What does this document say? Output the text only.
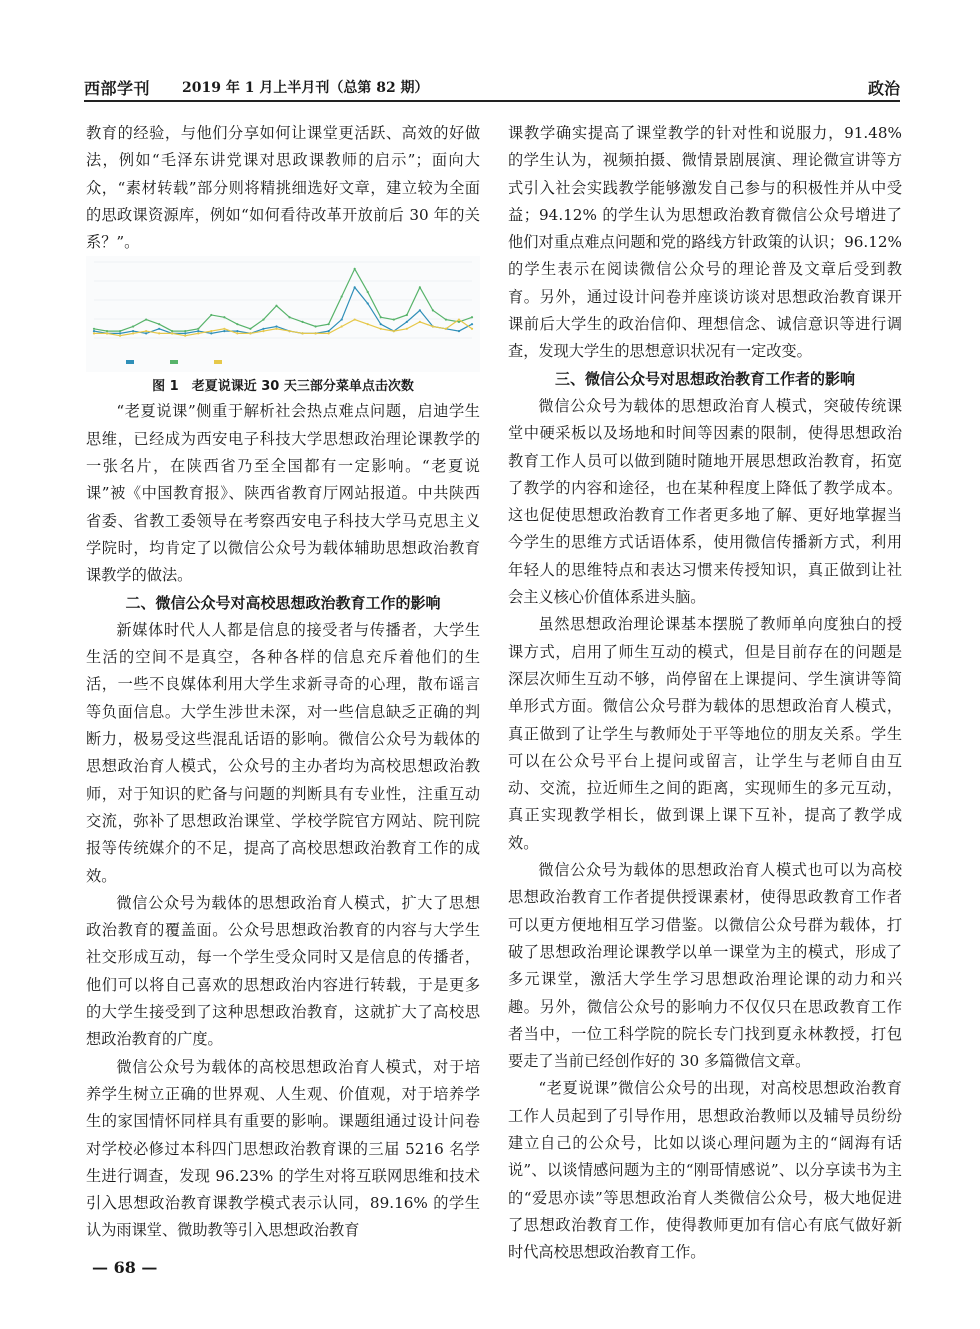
西部学刊 2019 年 1 月上半月刊（总第 82 期）	政治

教育的经验，与他们分享如何让课堂更活跃、高效的好做法，例如“毛泽东讲党课对思政课教师的启示”；面向大众，“素材转载”部分则将精挑细选好文章，建立较为全面的思政课资源库，例如“如何看待改革开放前后 30 年的关系？”。

图 1　老夏说课近 30 天三部分菜单点击次数

“老夏说课”侧重于解析社会热点难点问题，启迪学生思维，已经成为西安电子科技大学思想政治理论课教学的一张名片，在陕西省乃至全国都有一定影响。“老夏说课”被《中国教育报》、陕西省教育厅网站报道。中共陕西省委、省教工委领导在考察西安电子科技大学马克思主义学院时，均肯定了以微信公众号为载体辅助思想政治教育课教学的做法。

二、微信公众号对高校思想政治教育工作的影响

新媒体时代人人都是信息的接受者与传播者，大学生生活的空间不是真空，各种各样的信息充斥着他们的生活，一些不良媒体利用大学生求新寻奇的心理，散布谣言等负面信息。大学生涉世未深，对一些信息缺乏正确的判断力，极易受这些混乱话语的影响。微信公众号为载体的思想政治育人模式，公众号的主办者均为高校思想政治教师，对于知识的贮备与问题的判断具有专业性，注重互动交流，弥补了思想政治课堂、学校学院官方网站、院刊院报等传统媒介的不足，提高了高校思想政治教育工作的成效。

微信公众号为载体的思想政治育人模式，扩大了思想政治教育的覆盖面。公众号思想政治教育的内容与大学生社交形成互动，每一个学生受众同时又是信息的传播者，他们可以将自己喜欢的思想政治内容进行转载，于是更多的大学生接受到了这种思想政治教育，这就扩大了高校思想政治教育的广度。

微信公众号为载体的高校思想政治育人模式，对于培养学生树立正确的世界观、人生观、价值观，对于培养学生的家国情怀同样具有重要的影响。课题组通过设计问卷对学校必修过本科四门思想政治教育课的三届 5216 名学生进行调查，发现 96.23% 的学生对将互联网思维和技术引入思想政治教育课教学模式表示认同，89.16% 的学生认为雨课堂、微助教等引入思想政治教育

课教学确实提高了课堂教学的针对性和说服力，91.48% 的学生认为，视频拍摄、微情景剧展演、理论微宣讲等方式引入社会实践教学能够激发自己参与的积极性并从中受益；94.12% 的学生认为思想政治教育微信公众号增进了他们对重点难点问题和党的路线方针政策的认识；96.12% 的学生表示在阅读微信公众号的理论普及文章后受到教育。另外，通过设计问卷并座谈访谈对思想政治教育课开课前后大学生的政治信仰、理想信念、诚信意识等进行调查，发现大学生的思想意识状况有一定改变。

三、微信公众号对思想政治教育工作者的影响

微信公众号为载体的思想政治育人模式，突破传统课堂中硬采板以及场地和时间等因素的限制，使得思想政治教育工作人员可以做到随时随地开展思想政治教育，拓宽了教学的内容和途径，也在某种程度上降低了教学成本。这也促使思想政治教育工作者更多地了解、更好地掌握当今学生的思维方式话语体系，使用微信传播新方式，利用年轻人的思维特点和表达习惯来传授知识，真正做到让社会主义核心价值体系进头脑。

虽然思想政治理论课基本摆脱了教师单向度独白的授课方式，启用了师生互动的模式，但是目前存在的问题是深层次师生互动不够，尚停留在上课提问、学生演讲等简单形式方面。微信公众号群为载体的思想政治育人模式，真正做到了让学生与教师处于平等地位的朋友关系。学生可以在公众号平台上提问或留言，让学生与老师自由互动、交流，拉近师生之间的距离，实现师生的多元互动，真正实现教学相长，做到课上课下互补，提高了教学成效。

微信公众号为载体的思想政治育人模式也可以为高校思想政治教育工作者提供授课素材，使得思政教育工作者可以更方便地相互学习借鉴。以微信公众号群为载体，打破了思想政治理论课教学以单一课堂为主的模式，形成了多元课堂，激活大学生学习思想政治理论课的动力和兴趣。另外，微信公众号的影响力不仅仅只在思政教育工作者当中，一位工科学院的院长专门找到夏永林教授，打包要走了当前已经创作好的 30 多篇微信文章。

“老夏说课”微信公众号的出现，对高校思想政治教育工作人员起到了引导作用，思想政治教师以及辅导员纷纷建立自己的公众号，比如以谈心理问题为主的“阔海有话说”、以谈情感问题为主的“刚哥情感说”、以分享读书为主的“爱思亦读”等思想政治育人类微信公众号，极大地促进了思想政治教育工作，使得教师更加有信心有底气做好新时代高校思想政治教育工作。

— 68 —
